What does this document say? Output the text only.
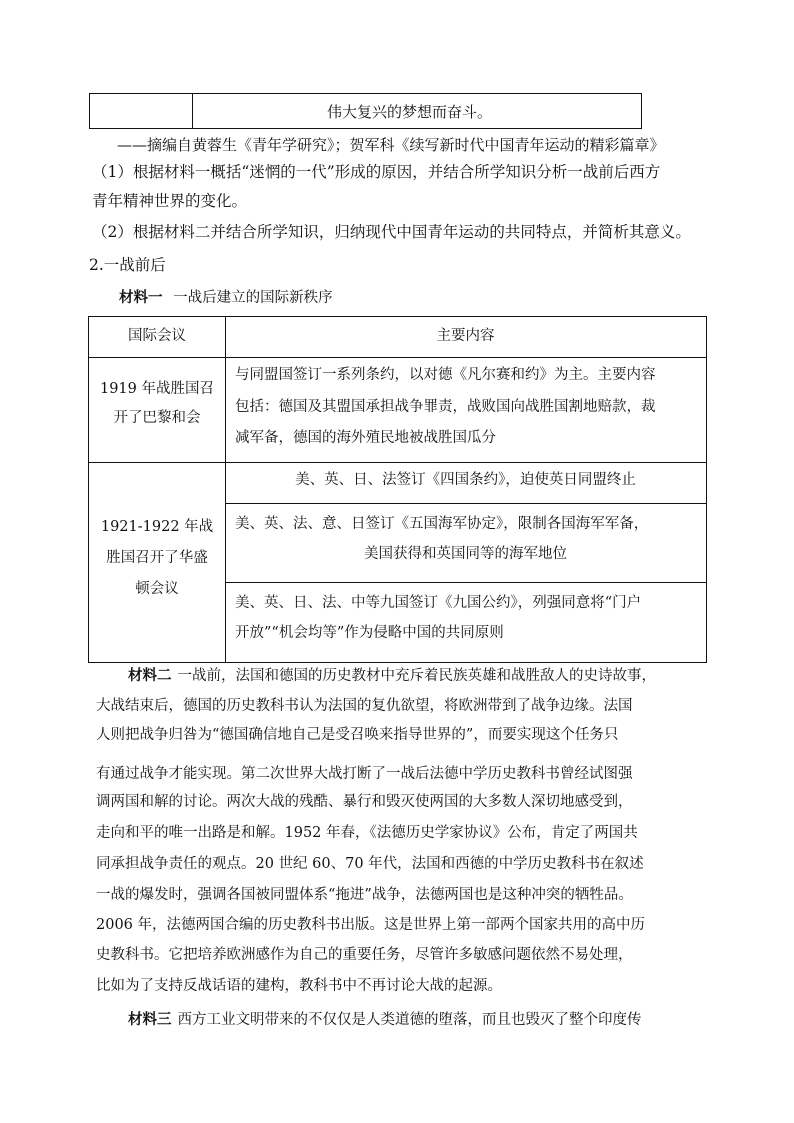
伟大复兴的梦想而奋斗。
——摘编自黄蓉生《青年学研究》；贺军科《续写新时代中国青年运动的精彩篇章》
（1）根据材料一概括“迷惘的一代”形成的原因，并结合所学知识分析一战前后西方
青年精神世界的变化。
（2）根据材料二并结合所学知识，归纳现代中国青年运动的共同特点，并简析其意义。
2.一战前后
材料一 一战后建立的国际新秩序
国际会议	主要内容
1919 年战胜国召
开了巴黎和会
与同盟国签订一系列条约，以对德《凡尔赛和约》为主。主要内容
包括：德国及其盟国承担战争罪责，战败国向战胜国割地赔款，裁
减军备，德国的海外殖民地被战胜国瓜分
1921-1922 年战
胜国召开了华盛
顿会议
美、英、日、法签订《四国条约》，迫使英日同盟终止
美、英、法、意、日签订《五国海军协定》，限制各国海军军备，
美国获得和英国同等的海军地位
美、英、日、法、中等九国签订《九国公约》，列强同意将“门户
开放”“机会均等”作为侵略中国的共同原则
材料二 一战前，法国和德国的历史教材中充斥着民族英雄和战胜敌人的史诗故事，
大战结束后，德国的历史教科书认为法国的复仇欲望，将欧洲带到了战争边缘。法国
人则把战争归咎为“德国确信地自己是受召唤来指导世界的”，而要实现这个任务只
有通过战争才能实现。第二次世界大战打断了一战后法德中学历史教科书曾经试图强
调两国和解的讨论。两次大战的残酷、暴行和毁灭使两国的大多数人深切地感受到，
走向和平的唯一出路是和解。1952 年春，《法德历史学家协议》公布，肯定了两国共
同承担战争责任的观点。20 世纪 60、70 年代，法国和西德的中学历史教科书在叙述
一战的爆发时，强调各国被同盟体系“拖进”战争，法德两国也是这种冲突的牺牲品。
2006 年，法德两国合编的历史教科书出版。这是世界上第一部两个国家共用的高中历
史教科书。它把培养欧洲感作为自己的重要任务，尽管许多敏感问题依然不易处理，
比如为了支持反战话语的建构，教科书中不再讨论大战的起源。
材料三 西方工业文明带来的不仅仅是人类道德的堕落，而且也毁灭了整个印度传
